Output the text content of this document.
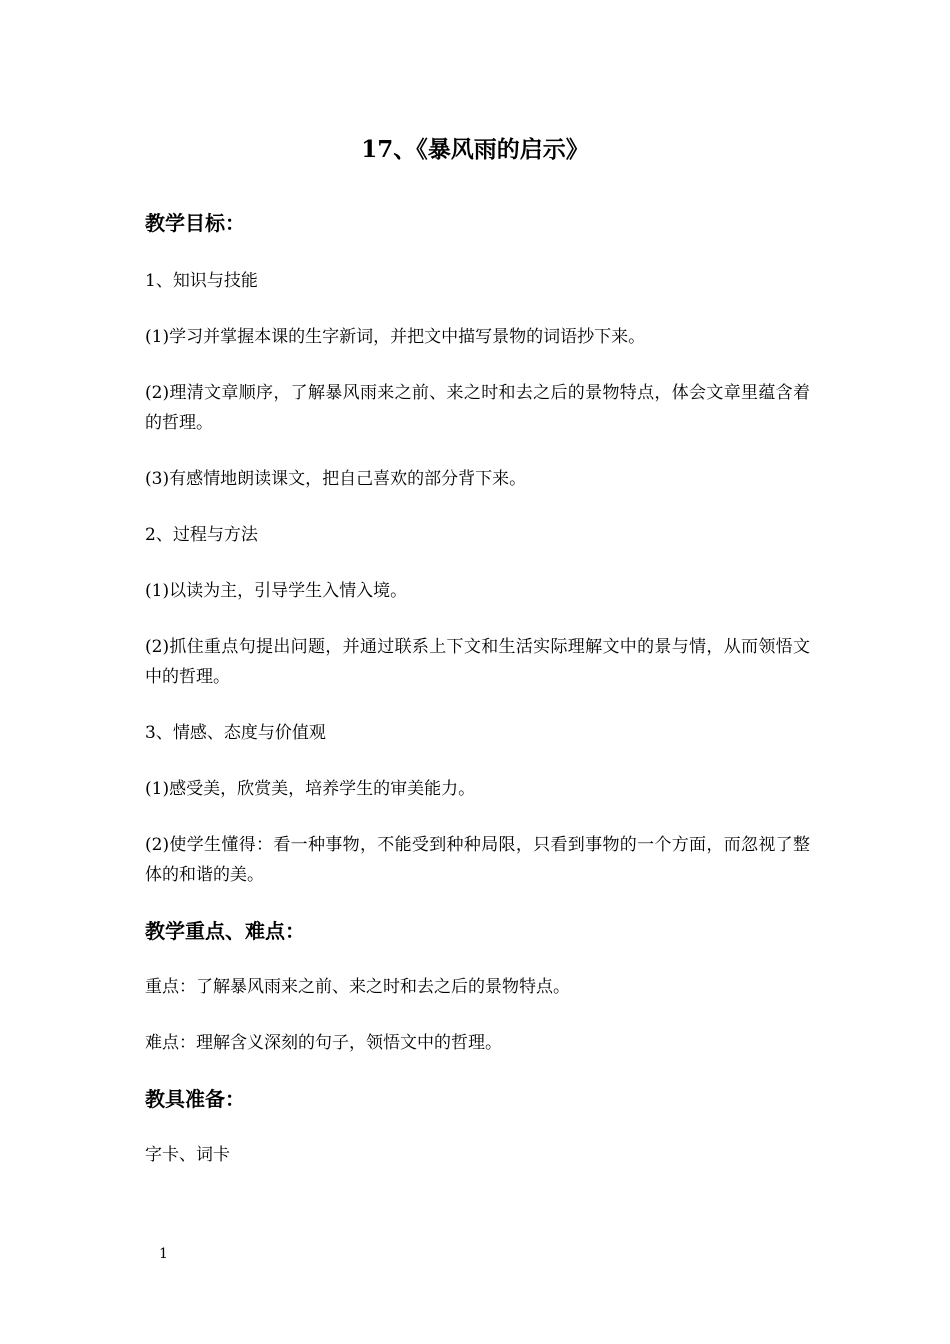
17、《暴风雨的启示》

教学目标：

1、知识与技能

(1)学习并掌握本课的生字新词，并把文中描写景物的词语抄下来。

(2)理清文章顺序，了解暴风雨来之前、来之时和去之后的景物特点，体会文章里蕴含着的哲理。

(3)有感情地朗读课文，把自己喜欢的部分背下来。

2、过程与方法

(1)以读为主，引导学生入情入境。

(2)抓住重点句提出问题，并通过联系上下文和生活实际理解文中的景与情，从而领悟文中的哲理。

3、情感、态度与价值观

(1)感受美，欣赏美，培养学生的审美能力。

(2)使学生懂得：看一种事物，不能受到种种局限，只看到事物的一个方面，而忽视了整体的和谐的美。

教学重点、难点：

重点：了解暴风雨来之前、来之时和去之后的景物特点。

难点：理解含义深刻的句子，领悟文中的哲理。

教具准备：

字卡、词卡

1
